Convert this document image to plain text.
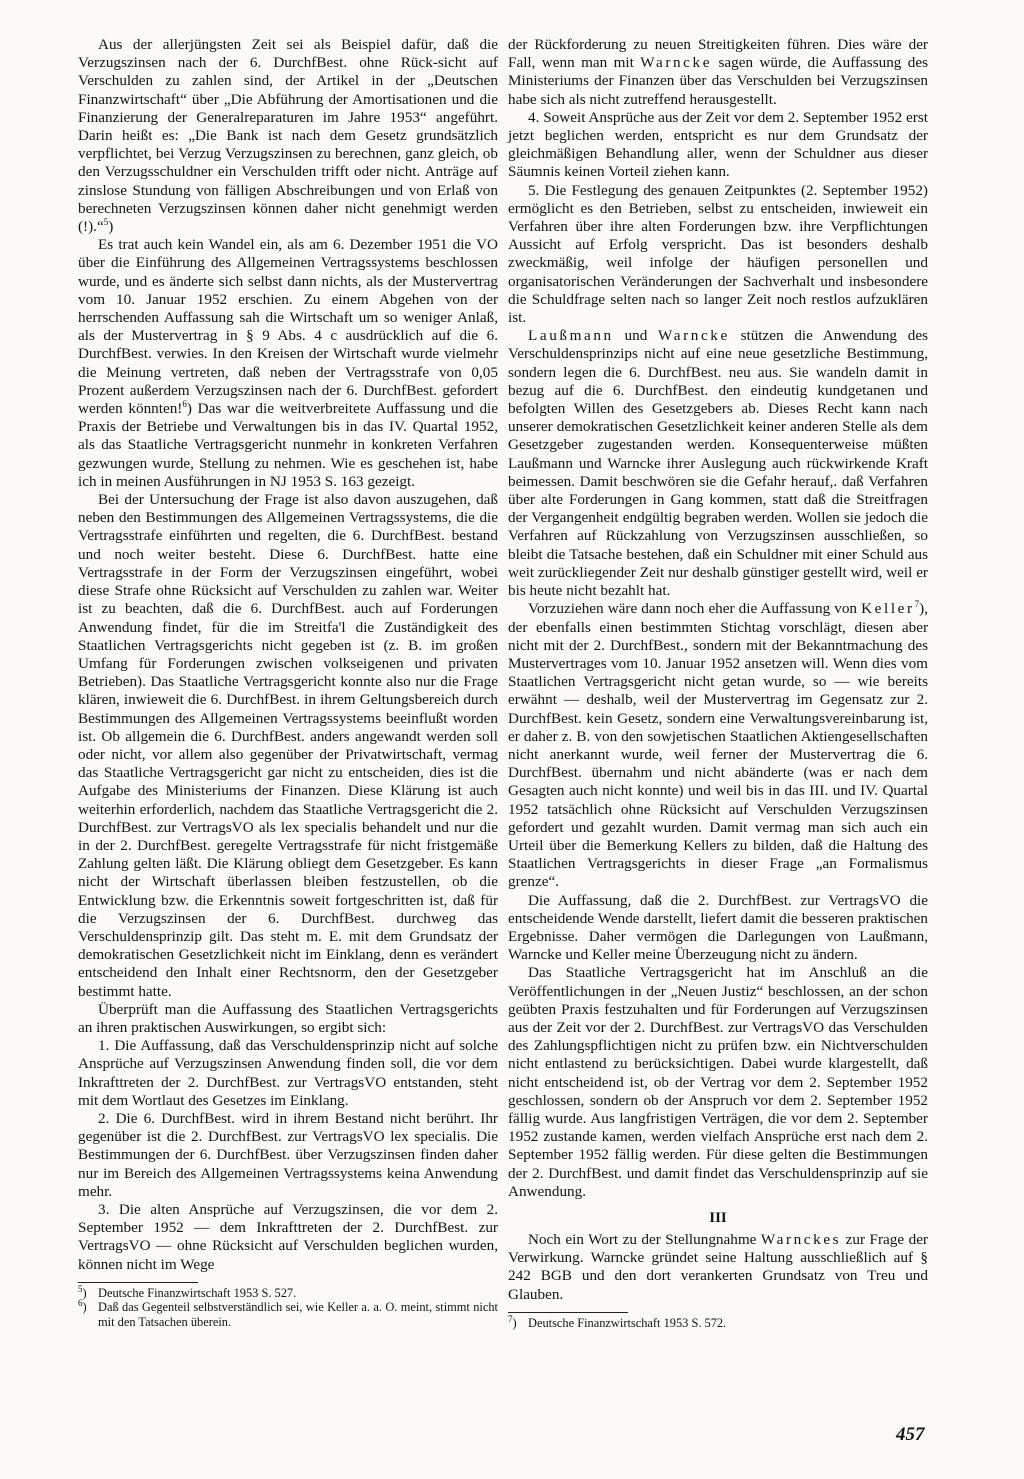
Aus der allerjüngsten Zeit sei als Beispiel dafür, daß die Verzugszinsen nach der 6. DurchfBest. ohne Rück-sicht auf Verschulden zu zahlen sind, der Artikel in der „Deutschen Finanzwirtschaft“ über „Die Abführung der Amortisationen und die Finanzierung der Generalreparaturen im Jahre 1953“ angeführt. Darin heißt es: „Die Bank ist nach dem Gesetz grundsätzlich verpflichtet, bei Verzug Verzugszinsen zu berechnen, ganz gleich, ob den Verzugsschuldner ein Verschulden trifft oder nicht. Anträge auf zinslose Stundung von fälligen Abschreibungen und von Erlaß von berechneten Verzugszinsen können daher nicht genehmigt werden (!).“$^5$)

Es trat auch kein Wandel ein, als am 6. Dezember 1951 die VO über die Einführung des Allgemeinen Vertragssystems beschlossen wurde, und es änderte sich selbst dann nichts, als der Mustervertrag vom 10. Januar 1952 erschien. Zu einem Abgehen von der herrschenden Auffassung sah die Wirtschaft um so weniger Anlaß, als der Mustervertrag in § 9 Abs. 4 c ausdrücklich auf die 6. DurchfBest. verwies. In den Kreisen der Wirtschaft wurde vielmehr die Meinung vertreten, daß neben der Vertragsstrafe von 0,05 Prozent außerdem Verzugszinsen nach der 6. DurchfBest. gefordert werden könnten!$^6$) Das war die weitverbreitete Auffassung und die Praxis der Betriebe und Verwaltungen bis in das IV. Quartal 1952, als das Staatliche Vertragsgericht nunmehr in konkreten Verfahren gezwungen wurde, Stellung zu nehmen. Wie es geschehen ist, habe ich in meinen Ausführungen in NJ 1953 S. 163 gezeigt.

Bei der Untersuchung der Frage ist also davon auszugehen, daß neben den Bestimmungen des Allgemeinen Vertragssystems, die die Vertragsstrafe einführten und regelten, die 6. DurchfBest. bestand und noch weiter besteht. Diese 6. DurchfBest. hatte eine Vertragsstrafe in der Form der Verzugszinsen eingeführt, wobei diese Strafe ohne Rücksicht auf Verschulden zu zahlen war. Weiter ist zu beachten, daß die 6. DurchfBest. auch auf Forderungen Anwendung findet, für die im Streitfa'l die Zuständigkeit des Staatlichen Vertragsgerichts nicht gegeben ist (z. B. im großen Umfang für Forderungen zwischen volkseigenen und privaten Betrieben). Das Staatliche Vertragsgericht konnte also nur die Frage klären, inwieweit die 6. DurchfBest. in ihrem Geltungsbereich durch Bestimmungen des Allgemeinen Vertragssystems beeinflußt worden ist. Ob allgemein die 6. DurchfBest. anders angewandt werden soll oder nicht, vor allem also gegenüber der Privatwirtschaft, vermag das Staatliche Vertragsgericht gar nicht zu entscheiden, dies ist die Aufgabe des Ministeriums der Finanzen. Diese Klärung ist auch weiterhin erforderlich, nachdem das Staatliche Vertragsgericht die 2. DurchfBest. zur VertragsVO als lex specialis behandelt und nur die in der 2. DurchfBest. geregelte Vertragsstrafe für nicht fristgemäße Zahlung gelten läßt. Die Klärung obliegt dem Gesetzgeber. Es kann nicht der Wirtschaft überlassen bleiben festzustellen, ob die Entwicklung bzw. die Erkenntnis soweit fortgeschritten ist, daß für die Verzugszinsen der 6. DurchfBest. durchweg das Verschuldensprinzip gilt. Das steht m. E. mit dem Grundsatz der demokratischen Gesetzlichkeit nicht im Einklang, denn es verändert entscheidend den Inhalt einer Rechtsnorm, den der Gesetzgeber bestimmt hatte.

Überprüft man die Auffassung des Staatlichen Vertragsgerichts an ihren praktischen Auswirkungen, so ergibt sich:

1. Die Auffassung, daß das Verschuldensprinzip nicht auf solche Ansprüche auf Verzugszinsen Anwendung finden soll, die vor dem Inkrafttreten der 2. DurchfBest. zur VertragsVO entstanden, steht mit dem Wortlaut des Gesetzes im Einklang.

2. Die 6. DurchfBest. wird in ihrem Bestand nicht berührt. Ihr gegenüber ist die 2. DurchfBest. zur VertragsVO lex specialis. Die Bestimmungen der 6. DurchfBest. über Verzugszinsen finden daher nur im Bereich des Allgemeinen Vertragssystems keina Anwendung mehr.

3. Die alten Ansprüche auf Verzugszinsen, die vor dem 2. September 1952 — dem Inkrafttreten der 2. DurchfBest. zur VertragsVO — ohne Rücksicht auf Verschulden beglichen wurden, können nicht im Wege

$^5$) Deutsche Finanzwirtschaft 1953 S. 527.
$^6$) Daß das Gegenteil selbstverständlich sei, wie Keller a. a. O. meint, stimmt nicht mit den Tatsachen überein.

der Rückforderung zu neuen Streitigkeiten führen. Dies wäre der Fall, wenn man mit Warncke sagen würde, die Auffassung des Ministeriums der Finanzen über das Verschulden bei Verzugszinsen habe sich als nicht zutreffend herausgestellt.

4. Soweit Ansprüche aus der Zeit vor dem 2. September 1952 erst jetzt beglichen werden, entspricht es nur dem Grundsatz der gleichmäßigen Behandlung aller, wenn der Schuldner aus dieser Säumnis keinen Vorteil ziehen kann.

5. Die Festlegung des genauen Zeitpunktes (2. September 1952) ermöglicht es den Betrieben, selbst zu entscheiden, inwieweit ein Verfahren über ihre alten Forderungen bzw. ihre Verpflichtungen Aussicht auf Erfolg verspricht. Das ist besonders deshalb zweckmäßig, weil infolge der häufigen personellen und organisatorischen Veränderungen der Sachverhalt und insbesondere die Schuldfrage selten nach so langer Zeit noch restlos aufzuklären ist.

Laußmann und Warncke stützen die Anwendung des Verschuldensprinzips nicht auf eine neue gesetzliche Bestimmung, sondern legen die 6. DurchfBest. neu aus. Sie wandeln damit in bezug auf die 6. DurchfBest. den eindeutig kundgetanen und befolgten Willen des Gesetzgebers ab. Dieses Recht kann nach unserer demokratischen Gesetzlichkeit keiner anderen Stelle als dem Gesetzgeber zugestanden werden. Konsequenterweise müßten Laußmann und Warncke ihrer Auslegung auch rückwirkende Kraft beimessen. Damit beschwören sie die Gefahr herauf,. daß Verfahren über alte Forderungen in Gang kommen, statt daß die Streitfragen der Vergangenheit endgültig begraben werden. Wollen sie jedoch die Verfahren auf Rückzahlung von Verzugszinsen ausschließen, so bleibt die Tatsache bestehen, daß ein Schuldner mit einer Schuld aus weit zurückliegender Zeit nur deshalb günstiger gestellt wird, weil er bis heute nicht bezahlt hat.

Vorzuziehen wäre dann noch eher die Auffassung von Keller$^7$), der ebenfalls einen bestimmten Stichtag vorschlägt, diesen aber nicht mit der 2. DurchfBest., sondern mit der Bekanntmachung des Mustervertrages vom 10. Januar 1952 ansetzen will. Wenn dies vom Staatlichen Vertragsgericht nicht getan wurde, so — wie bereits erwähnt — deshalb, weil der Mustervertrag im Gegensatz zur 2. DurchfBest. kein Gesetz, sondern eine Verwaltungsvereinbarung ist, er daher z. B. von den sowjetischen Staatlichen Aktiengesellschaften nicht anerkannt wurde, weil ferner der Mustervertrag die 6. DurchfBest. übernahm und nicht abänderte (was er nach dem Gesagten auch nicht konnte) und weil bis in das III. und IV. Quartal 1952 tatsächlich ohne Rücksicht auf Verschulden Verzugszinsen gefordert und gezahlt wurden. Damit vermag man sich auch ein Urteil über die Bemerkung Kellers zu bilden, daß die Haltung des Staatlichen Vertragsgerichts in dieser Frage „an Formalismus grenze“.

Die Auffassung, daß die 2. DurchfBest. zur VertragsVO die entscheidende Wende darstellt, liefert damit die besseren praktischen Ergebnisse. Daher vermögen die Darlegungen von Laußmann, Warncke und Keller meine Überzeugung nicht zu ändern.

Das Staatliche Vertragsgericht hat im Anschluß an die Veröffentlichungen in der „Neuen Justiz“ beschlossen, an der schon geübten Praxis festzuhalten und für Forderungen auf Verzugszinsen aus der Zeit vor der 2. DurchfBest. zur VertragsVO das Verschulden des Zahlungspflichtigen nicht zu prüfen bzw. ein Nichtverschulden nicht entlastend zu berücksichtigen. Dabei wurde klargestellt, daß nicht entscheidend ist, ob der Vertrag vor dem 2. September 1952 geschlossen, sondern ob der Anspruch vor dem 2. September 1952 fällig wurde. Aus langfristigen Verträgen, die vor dem 2. September 1952 zustande kamen, werden vielfach Ansprüche erst nach dem 2. September 1952 fällig werden. Für diese gelten die Bestimmungen der 2. DurchfBest. und damit findet das Verschuldensprinzip auf sie Anwendung.

III

Noch ein Wort zu der Stellungnahme Warnckes zur Frage der Verwirkung. Warncke gründet seine Haltung ausschließlich auf § 242 BGB und den dort verankerten Grundsatz von Treu und Glauben.

$^7$) Deutsche Finanzwirtschaft 1953 S. 572.
457
